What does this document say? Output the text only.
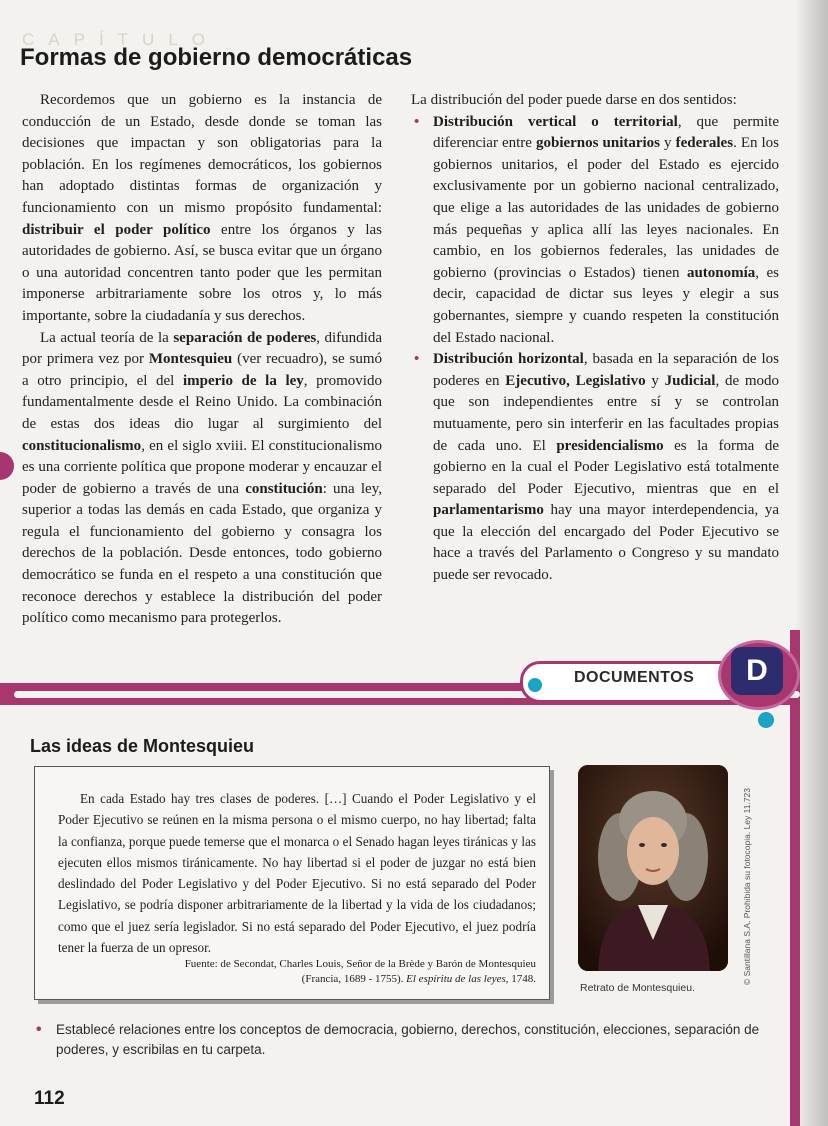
CAPÍTULO
Formas de gobierno democráticas

Recordemos que un gobierno es la instancia de conducción de un Estado, desde donde se toman las decisiones que impactan y son obligatorias para la población. En los regímenes democráticos, los gobiernos han adoptado distintas formas de organización y funcionamiento con un mismo propósito fundamental: distribuir el poder político entre los órganos y las autoridades de gobierno. Así, se busca evitar que un órgano o una autoridad concentren tanto poder que les permitan imponerse arbitrariamente sobre los otros y, lo más importante, sobre la ciudadanía y sus derechos.

La actual teoría de la separación de poderes, difundida por primera vez por Montesquieu (ver recuadro), se sumó a otro principio, el del imperio de la ley, promovido fundamentalmente desde el Reino Unido. La combinación de estas dos ideas dio lugar al surgimiento del constitucionalismo, en el siglo xviii. El constitucionalismo es una corriente política que propone moderar y encauzar el poder de gobierno a través de una constitución: una ley, superior a todas las demás en cada Estado, que organiza y regula el funcionamiento del gobierno y consagra los derechos de la población. Desde entonces, todo gobierno democrático se funda en el respeto a una constitución que reconoce derechos y establece la distribución del poder político como mecanismo para protegerlos.

La distribución del poder puede darse en dos sentidos:

• Distribución vertical o territorial, que permite diferenciar entre gobiernos unitarios y federales. En los gobiernos unitarios, el poder del Estado es ejercido exclusivamente por un gobierno nacional centralizado, que elige a las autoridades de las unidades de gobierno más pequeñas y aplica allí las leyes nacionales. En cambio, en los gobiernos federales, las unidades de gobierno (provincias o Estados) tienen autonomía, es decir, capacidad de dictar sus leyes y elegir a sus gobernantes, siempre y cuando respeten la constitución del Estado nacional.
• Distribución horizontal, basada en la separación de los poderes en Ejecutivo, Legislativo y Judicial, de modo que son independientes entre sí y se controlan mutuamente, pero sin interferir en las facultades propias de cada uno. El presidencialismo es la forma de gobierno en la cual el Poder Legislativo está totalmente separado del Poder Ejecutivo, mientras que en el parlamentarismo hay una mayor interdependencia, ya que la elección del encargado del Poder Ejecutivo se hace a través del Parlamento o Congreso y su mandato puede ser revocado.
DOCUMENTOS	D
Las ideas de Montesquieu

En cada Estado hay tres clases de poderes. […] Cuando el Poder Legislativo y el Poder Ejecutivo se reúnen en la misma persona o el mismo cuerpo, no hay libertad; falta la confianza, porque puede temerse que el monarca o el Senado hagan leyes tiránicas y las ejecuten ellos mismos tiránicamente. No hay libertad si el poder de juzgar no está bien deslindado del Poder Legislativo y del Poder Ejecutivo. Si no está separado del Poder Legislativo, se podría disponer arbitrariamente de la libertad y la vida de los ciudadanos; como que el juez sería legislador. Si no está separado del Poder Ejecutivo, el juez podría tener la fuerza de un opresor.

Fuente: de Secondat, Charles Louis, Señor de la Brède y Barón de Montesquieu
(Francia, 1689 - 1755). El espíritu de las leyes, 1748.

Retrato de Montesquieu.
© Santillana S.A. Prohibida su fotocopia. Ley 11.723
• Establecé relaciones entre los conceptos de democracia, gobierno, derechos, constitución, elecciones, separación de poderes, y escribilas en tu carpeta.

112
